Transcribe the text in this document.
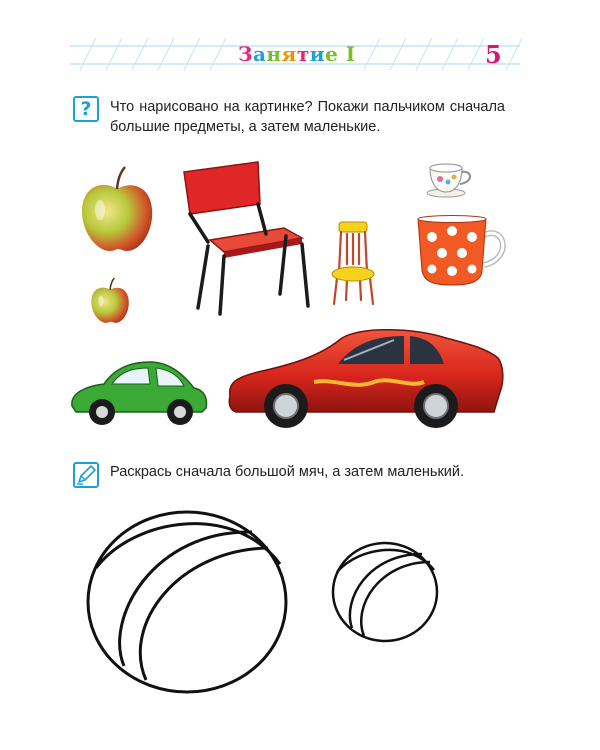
Занятие I	5
? Что нарисовано на картинке? Покажи пальчиком сначала большие предметы, а затем маленькие.

Раскрась сначала большой мяч, а затем маленький.
